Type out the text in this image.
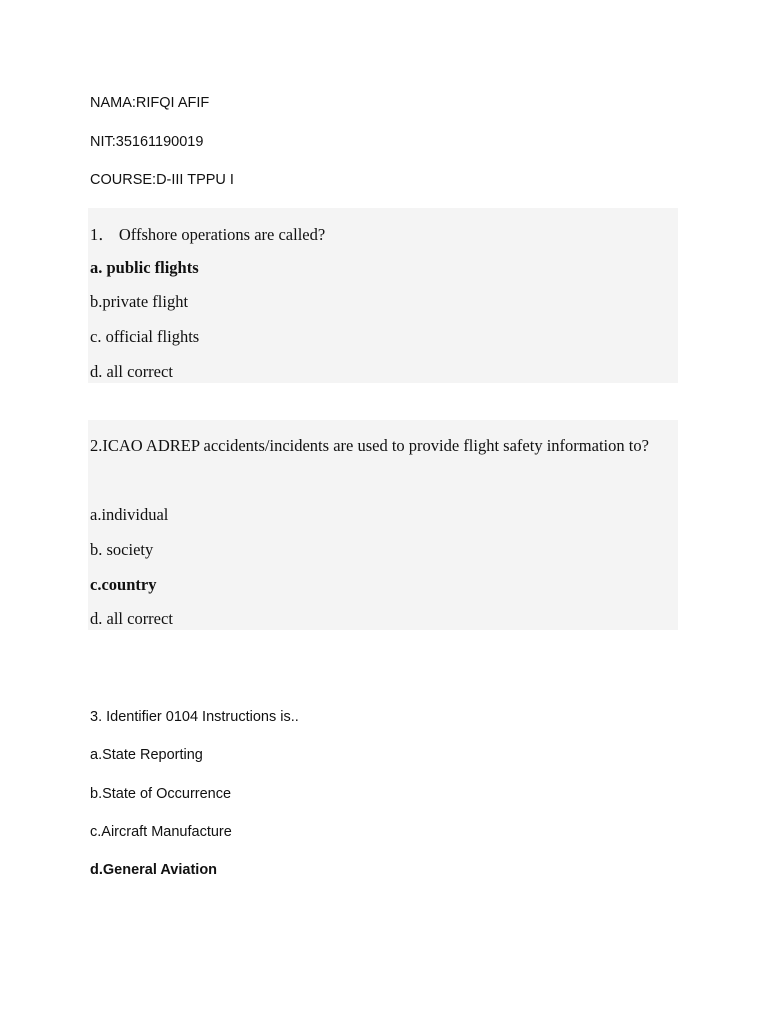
NAMA:RIFQI AFIF
NIT:35161190019
COURSE:D-III TPPU I
1． Offshore operations are called?
a. public flights
b.private flight
c. official flights
d. all correct
2.ICAO ADREP accidents/incidents are used to provide flight safety information to?
a.individual
b. society
c.country
d. all correct
3. Identifier 0104 Instructions is..
a.State Reporting
b.State of Occurrence
c.Aircraft Manufacture
d.General Aviation
